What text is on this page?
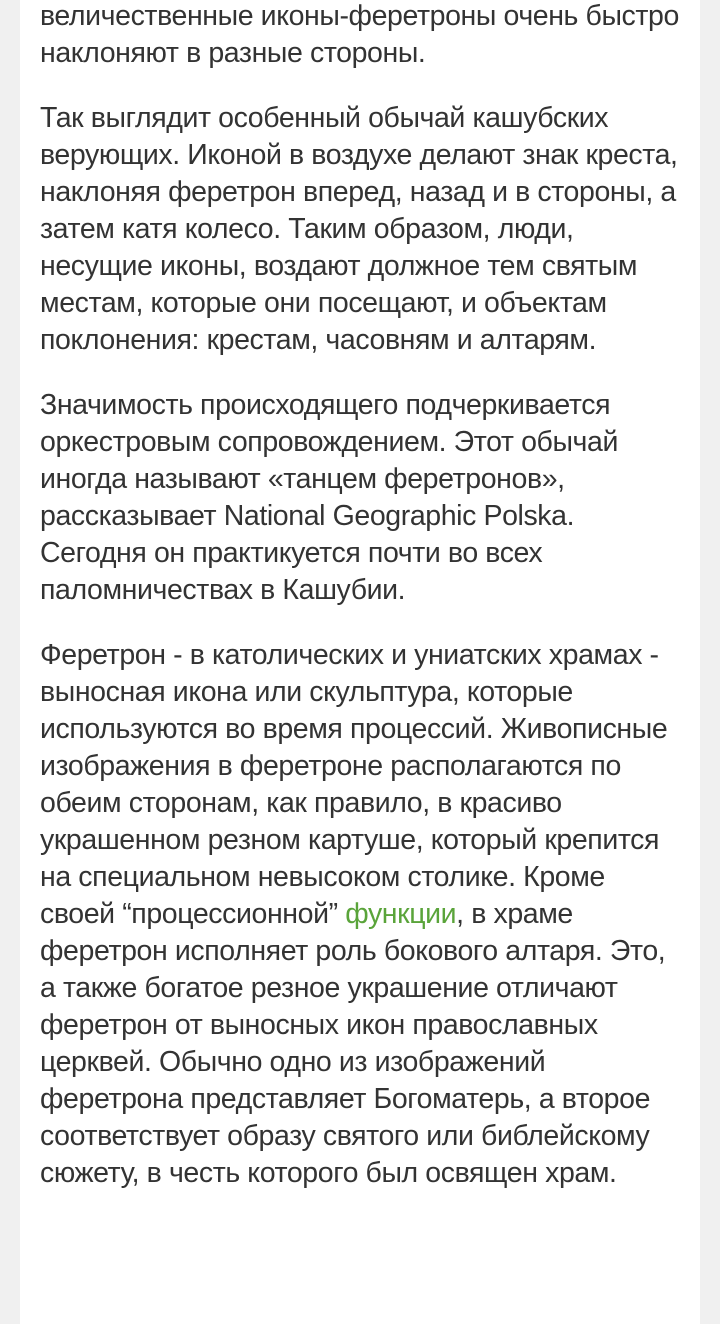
величественные иконы-феретроны очень быстро наклоняют в разные стороны.

Так выглядит особенный обычай кашубских верующих. Иконой в воздухе делают знак креста, наклоняя феретрон вперед, назад и в стороны, а затем катя колесо. Таким образом, люди, несущие иконы, воздают должное тем святым местам, которые они посещают, и объектам поклонения: крестам, часовням и алтарям.

Значимость происходящего подчеркивается оркестровым сопровождением. Этот обычай иногда называют «танцем феретронов», рассказывает National Geographic Polska. Сегодня он практикуется почти во всех паломничествах в Кашубии.

Феретрон - в католических и униатских храмах - выносная икона или скульптура, которые используются во время процессий. Живописные изображения в феретроне располагаются по обеим сторонам, как правило, в красиво украшенном резном картуше, который крепится на специальном невысоком столике. Кроме своей “процессионной” функции, в храме феретрон исполняет роль бокового алтаря. Это, а также богатое резное украшение отличают феретрон от выносных икон православных церквей. Обычно одно из изображений феретрона представляет Богоматерь, а второе соответствует образу святого или библейскому сюжету, в честь которого был освящен храм.
